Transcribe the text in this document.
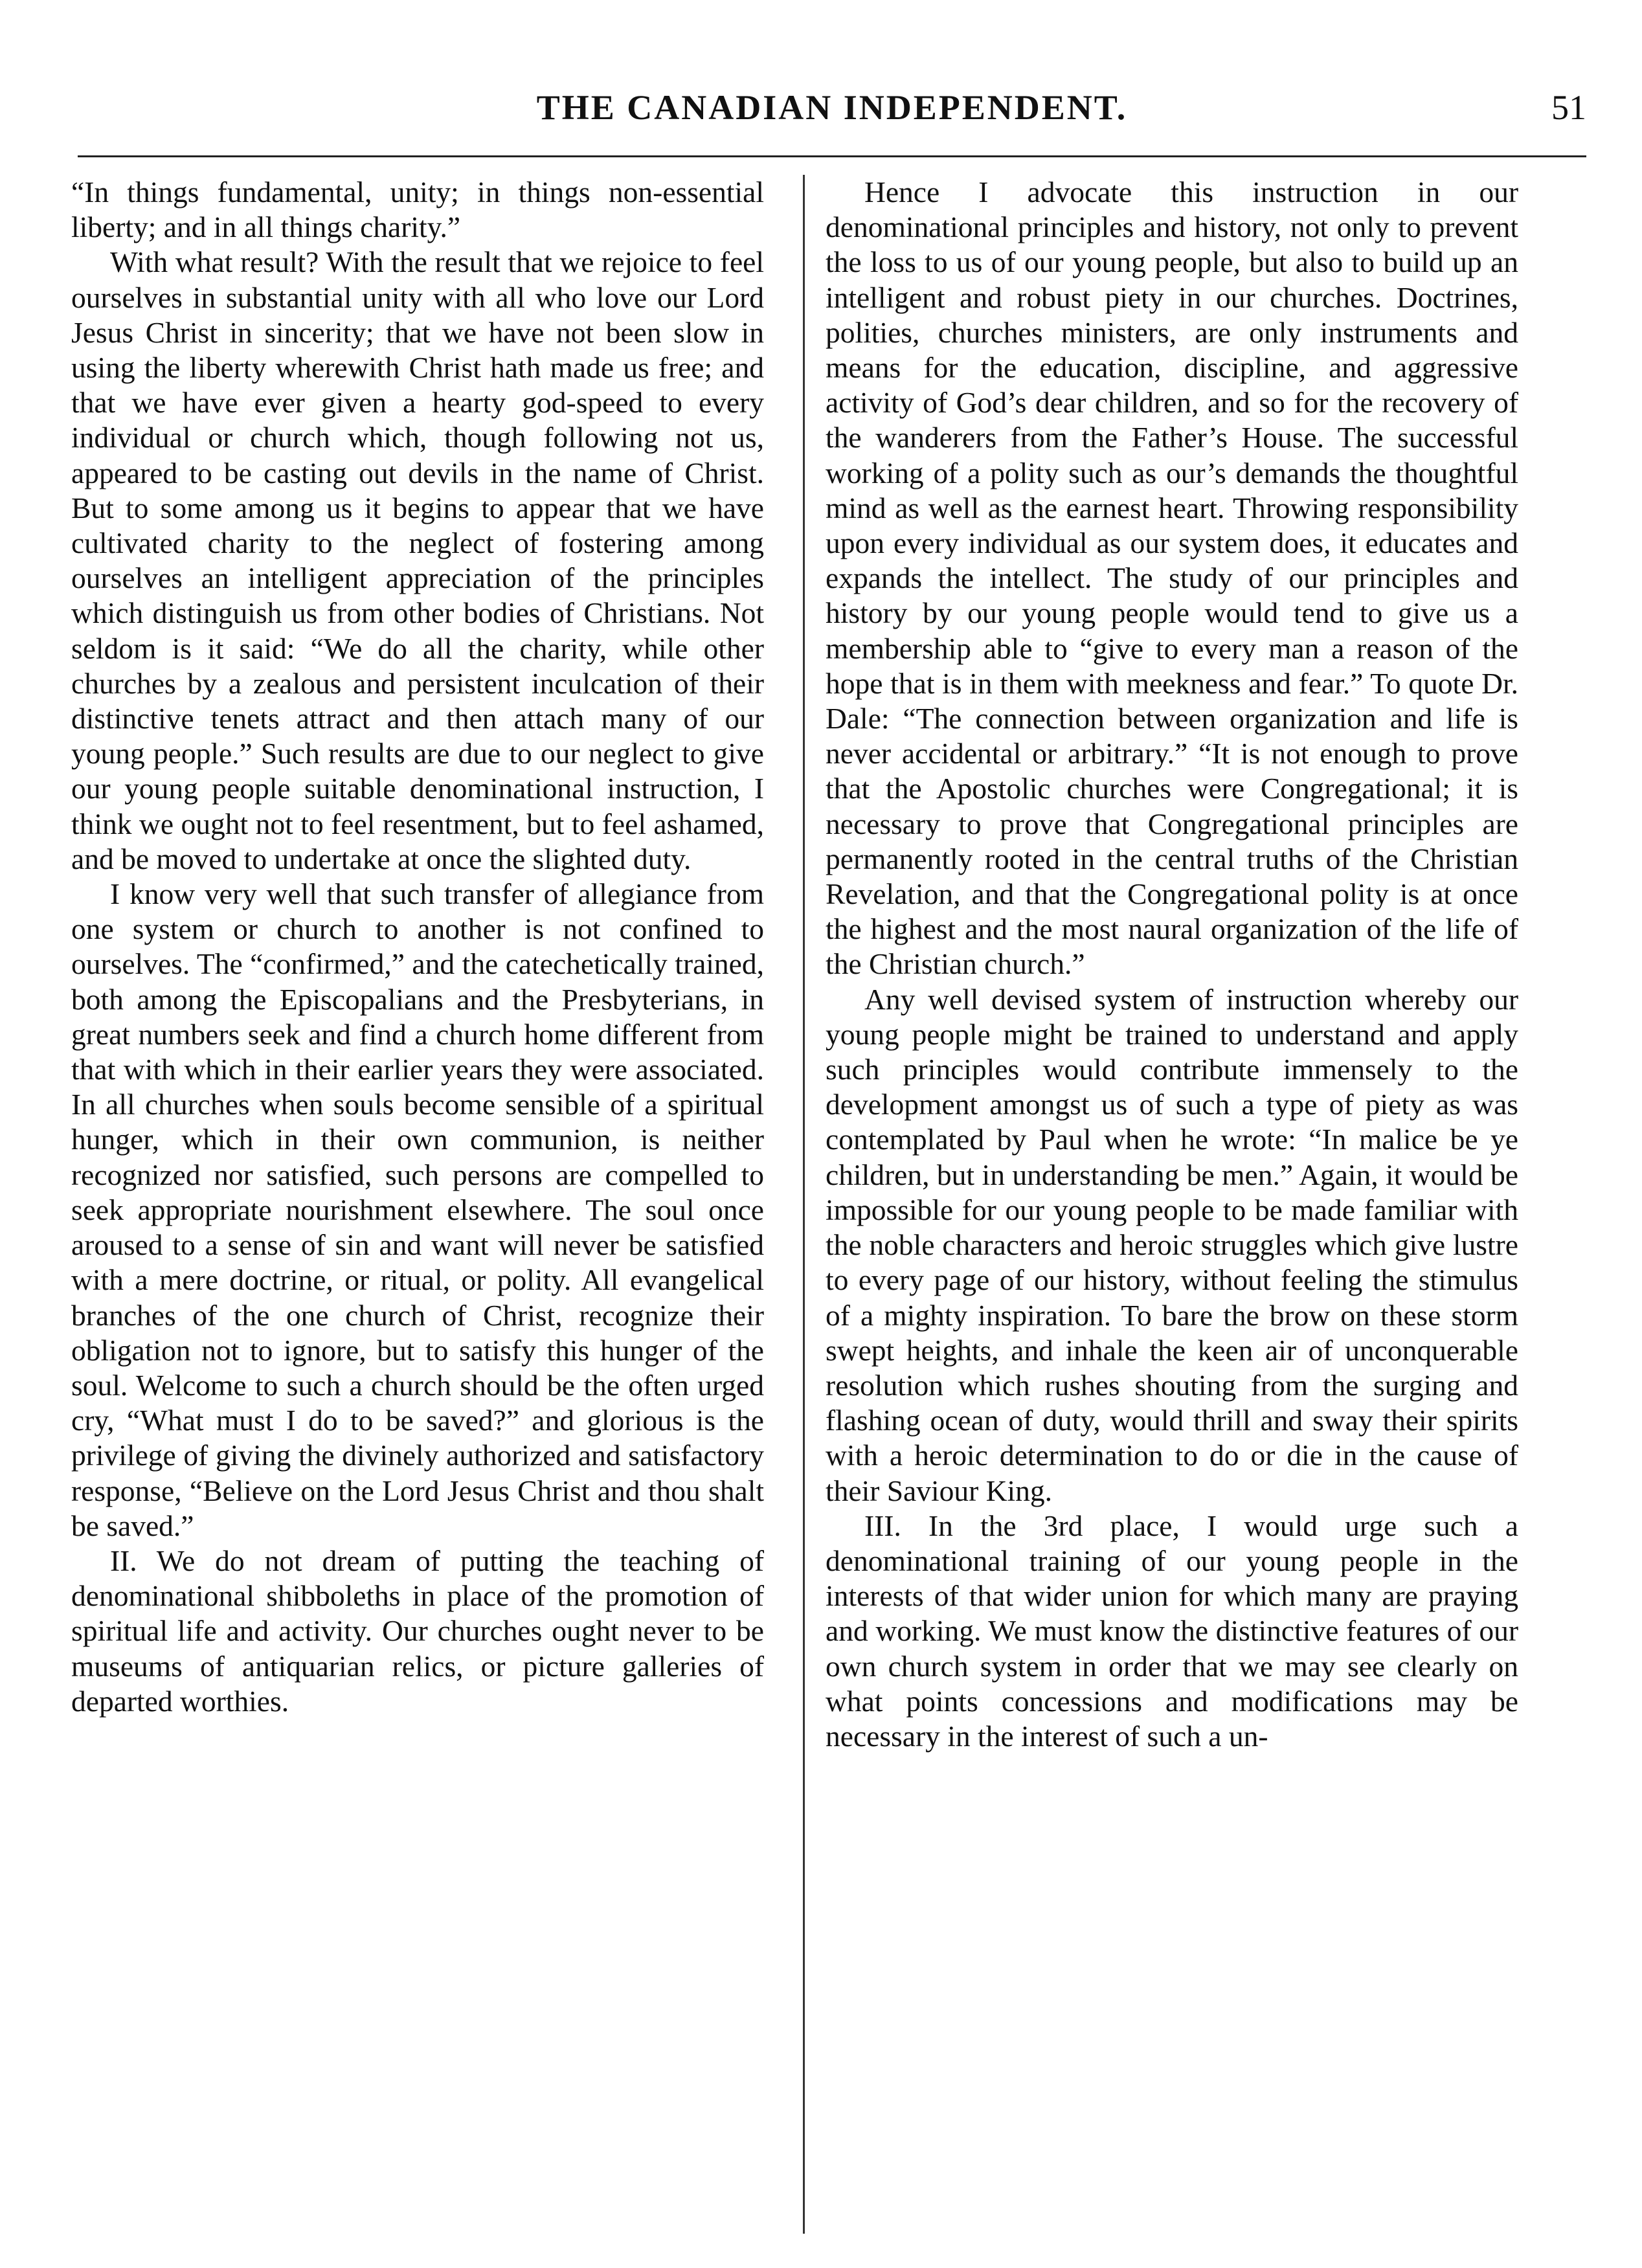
THE CANADIAN INDEPENDENT.	51

“In things fundamental, unity; in things non-essential liberty; and in all things charity.”

With what result? With the result that we rejoice to feel ourselves in substantial unity with all who love our Lord Jesus Christ in sincerity; that we have not been slow in using the liberty wherewith Christ hath made us free; and that we have ever given a hearty god-speed to every individual or church which, though following not us, appeared to be casting out devils in the name of Christ. But to some among us it begins to appear that we have cultivated charity to the neglect of fostering among ourselves an intelligent appreciation of the principles which distinguish us from other bodies of Christians. Not seldom is it said: “We do all the charity, while other churches by a zealous and persistent inculcation of their distinctive tenets attract and then attach many of our young people.” Such results are due to our neglect to give our young people suitable denominational instruction, I think we ought not to feel resentment, but to feel ashamed, and be moved to undertake at once the slighted duty.

I know very well that such transfer of allegiance from one system or church to another is not confined to ourselves. The “confirmed,” and the catechetically trained, both among the Episcopalians and the Presbyterians, in great numbers seek and find a church home different from that with which in their earlier years they were associated. In all churches when souls become sensible of a spiritual hunger, which in their own communion, is neither recognized nor satisfied, such persons are compelled to seek appropriate nourishment elsewhere. The soul once aroused to a sense of sin and want will never be satisfied with a mere doctrine, or ritual, or polity. All evangelical branches of the one church of Christ, recognize their obligation not to ignore, but to satisfy this hunger of the soul. Welcome to such a church should be the often urged cry, “What must I do to be saved?” and glorious is the privilege of giving the divinely authorized and satisfactory response, “Believe on the Lord Jesus Christ and thou shalt be saved.”

II. We do not dream of putting the teaching of denominational shibboleths in place of the promotion of spiritual life and activity. Our churches ought never to be museums of antiquarian relics, or picture galleries of departed worthies.

Hence I advocate this instruction in our denominational principles and history, not only to prevent the loss to us of our young people, but also to build up an intelligent and robust piety in our churches. Doctrines, polities, churches ministers, are only instruments and means for the education, discipline, and aggressive activity of God’s dear children, and so for the recovery of the wanderers from the Father’s House. The successful working of a polity such as our’s demands the thoughtful mind as well as the earnest heart. Throwing responsibility upon every individual as our system does, it educates and expands the intellect. The study of our principles and history by our young people would tend to give us a membership able to “give to every man a reason of the hope that is in them with meekness and fear.” To quote Dr. Dale: “The connection between organization and life is never accidental or arbitrary.” “It is not enough to prove that the Apostolic churches were Congregational; it is necessary to prove that Congregational principles are permanently rooted in the central truths of the Christian Revelation, and that the Congregational polity is at once the highest and the most naural organization of the life of the Christian church.”

Any well devised system of instruction whereby our young people might be trained to understand and apply such principles would contribute immensely to the development amongst us of such a type of piety as was contemplated by Paul when he wrote: “In malice be ye children, but in understanding be men.” Again, it would be impossible for our young people to be made familiar with the noble characters and heroic struggles which give lustre to every page of our history, without feeling the stimulus of a mighty inspiration. To bare the brow on these storm swept heights, and inhale the keen air of unconquerable resolution which rushes shouting from the surging and flashing ocean of duty, would thrill and sway their spirits with a heroic determination to do or die in the cause of their Saviour King.

III. In the 3rd place, I would urge such a denominational training of our young people in the interests of that wider union for which many are praying and working. We must know the distinctive features of our own church system in order that we may see clearly on what points concessions and modifications may be necessary in the interest of such a un-
